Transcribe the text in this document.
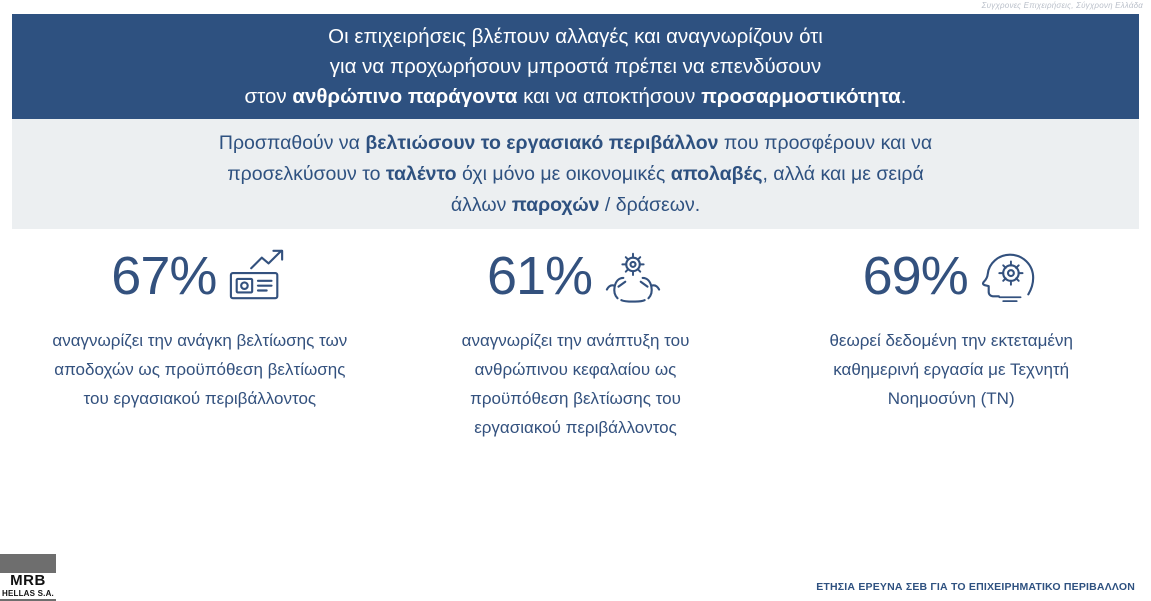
Συγχρονες Επιχειρήσεις, Σύγχρονη Ελλάδα
Οι επιχειρήσεις βλέπουν αλλαγές και αναγνωρίζουν ότι
για να προχωρήσουν μπροστά πρέπει να επενδύσουν
στον ανθρώπινο παράγοντα και να αποκτήσουν προσαρμοστικότητα.
Προσπαθούν να βελτιώσουν το εργασιακό περιβάλλον που προσφέρουν και να
προσελκύσουν το ταλέντο όχι μόνο με οικονομικές απολαβές, αλλά και με σειρά
άλλων παροχών / δράσεων.
67%
αναγνωρίζει την ανάγκη βελτίωσης των αποδοχών ως προϋπόθεση βελτίωσης του εργασιακού περιβάλλοντος
61%
αναγνωρίζει την ανάπτυξη του ανθρώπινου κεφαλαίου ως προϋπόθεση βελτίωσης του εργασιακού περιβάλλοντος
69%
θεωρεί δεδομένη την εκτεταμένη καθημερινή εργασία με Τεχνητή Νοημοσύνη (ΤΝ)
MRB
HELLAS S.A.
ΕΤΗΣΙΑ ΕΡΕΥΝΑ ΣΕΒ ΓΙΑ ΤΟ ΕΠΙΧΕΙΡΗΜΑΤΙΚΟ ΠΕΡΙΒΑΛΛΟΝ
